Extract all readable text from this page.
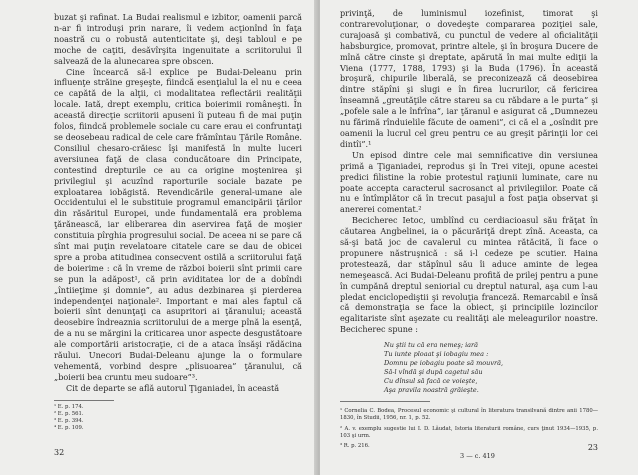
buzat şi rafinat. La Budai realismul e izbitor, oamenii parcă n-ar fi introduşi prin narare, îi vedem acţionînd în faţa noastră cu o robustă autenticitate şi, deşi tabloul e pe moche de caţiti, desăvîrşita ingenuitate a scriitorului îl salvează de la alunecarea spre obscen.

Cine încearcă să-l explice pe Budai-Deleanu prin influenţe străine greşeşte, fiindcă esenţialul la el nu e ceea ce capătă de la alţii, ci modalitatea reflectării realităţii locale. Iată, drept exemplu, critica boierimii româneşti. În această direcţie scriitorii apuseni îi puteau fi de mai puţin folos, fiindcă problemele sociale cu care erau ei confruntaţi se deosebeau radical de cele care frămîntau Ţările Române. Consiliul chesaro-crăiesc îşi manifestă în multe luceri aversiunea faţă de clasa conducătoare din Principate, contestind drepturile ce au ca origine moştenirea şi privilegiul şi acuzînd raporturile sociale bazate pe exploatarea iobăgistă. Revendicările general-umane ale Occidentului el le substituie programul emancipării ţărilor din răsăritul Europei, unde fundamentală era problema ţărănească, iar eliberarea din aservirea faţă de moşier constituia pîrghia progresului social. De aceea ni se pare că sînt mai puţin revelatoare citatele care se dau de obicei spre a proba atitudinea consecvent ostilă a scriitorului faţă de boierime : că în vreme de război boierii sînt primii care se pun la adăpost¹, că prin aviditatea lor de a dobîndi „întiieţime şi domnie”, au adus dezbinarea şi pierderea independenţei naţionale². Important e mai ales faptul că boierii sînt denunţaţi ca asupritori ai ţăranului; această deosebire îndreaznia scriitorului de a merge pînă la esenţă, de a nu se mărgini la criticarea unor aspecte desgustătoare ale comportării aristocraţie, ci de a ataca însăşi rădăcina răului. Unecori Budai-Deleanu ajunge la o formulare vehementă, vorbind despre „plisuoarea” ţăranului, că „boierii bea cruntu meu sudoare”³.

Cit de departe se află autorul Ţiganiadei, în această

¹ E. p. 174.

² E. p. 561.

³ E. p. 394.

⁴ E. p. 109.

32

privinţă, de luminismul iozefinist, timorat şi contrarevoluţionar, o dovedeşte compararea poziţiei sale, curajoasă şi combativă, cu punctul de vedere al oficialităţii habsburgice, promovat, printre altele, şi în broşura Ducere de mînă către cinste şi dreptate, apărută în mai multe ediţii la Viena (1777, 1788, 1793) şi la Buda (1796). În această broşură, chipurile liberală, se preconizează că deosebirea dintre stăpîni şi slugi e în firea lucrurilor, că fericirea înseamnă „greutăţile către stareu sa cu răbdare a le purta” şi „pofele sale a le înfrîna”, iar ţăranul e asigurat că „Dumnezeu nu fărimă rînduielile făcute de oameni”, ci că el a „osîndit pre oamenii la lucrul cel greu pentru ce au greşit părinţii lor cei dintîi”.¹

Un episod dintre cele mai semnificative din versiunea primă a Ţiganiadei, reprodus şi în Trei viteji, opune acestei predici filistine la robie protestul raţiunii luminate, care nu poate accepta caracterul sacrosanct al privilegiilor. Poate că nu e întîmplător că în trecut pasajul a fost paţia observat şi anererei comentat.²

Becicherec Ietoc, umblînd cu cerdiacioasul său frăţat în căutarea Angbelinei, ia o păcurăriţă drept zînă. Aceasta, ca să-şi bată joc de cavalerul cu mintea rătăcită, îi face o propunere năstruşnică : să i-l cedeze pe scutier. Haina protestează, dar stăpînul său îi aduce aminte de legea nemeşească. Aci Budai-Deleanu profită de prilej pentru a pune în cumpănă dreptul seniorial cu dreptul natural, aşa cum l-au pledat enciclopediştii şi revoluţia franceză. Remarcabil e însă că demonstraţia se face la obiect, şi principiile lozincilor egalitariste sînt aşezate cu realităţi ale meleagurilor noastre. Becicherec spune :

Nu ştii tu că era nemeş; iară
Tu iunte ploaat şi iobagiu mea :
Domnu pe iobagiu poate să mouvră,
Să-l vîndă şi după cagetul său
Cu dînsul să facă ce voieşte,
Aşa pravila noastră grăieşte.
¹ Cornelia C. Bodea, Procesul economic şi cultural în literatura transilvană dintre anii 1780—1830, în Studii, 1956, nr. 1, p. 52.
² A. v. exemplu sugestie lui I. D. Lăudat, Istoria literaturii române, curs ţinut 1934—1935, p. 103 şi urm.
³ R. p. 216.
3 — c. 419
23
